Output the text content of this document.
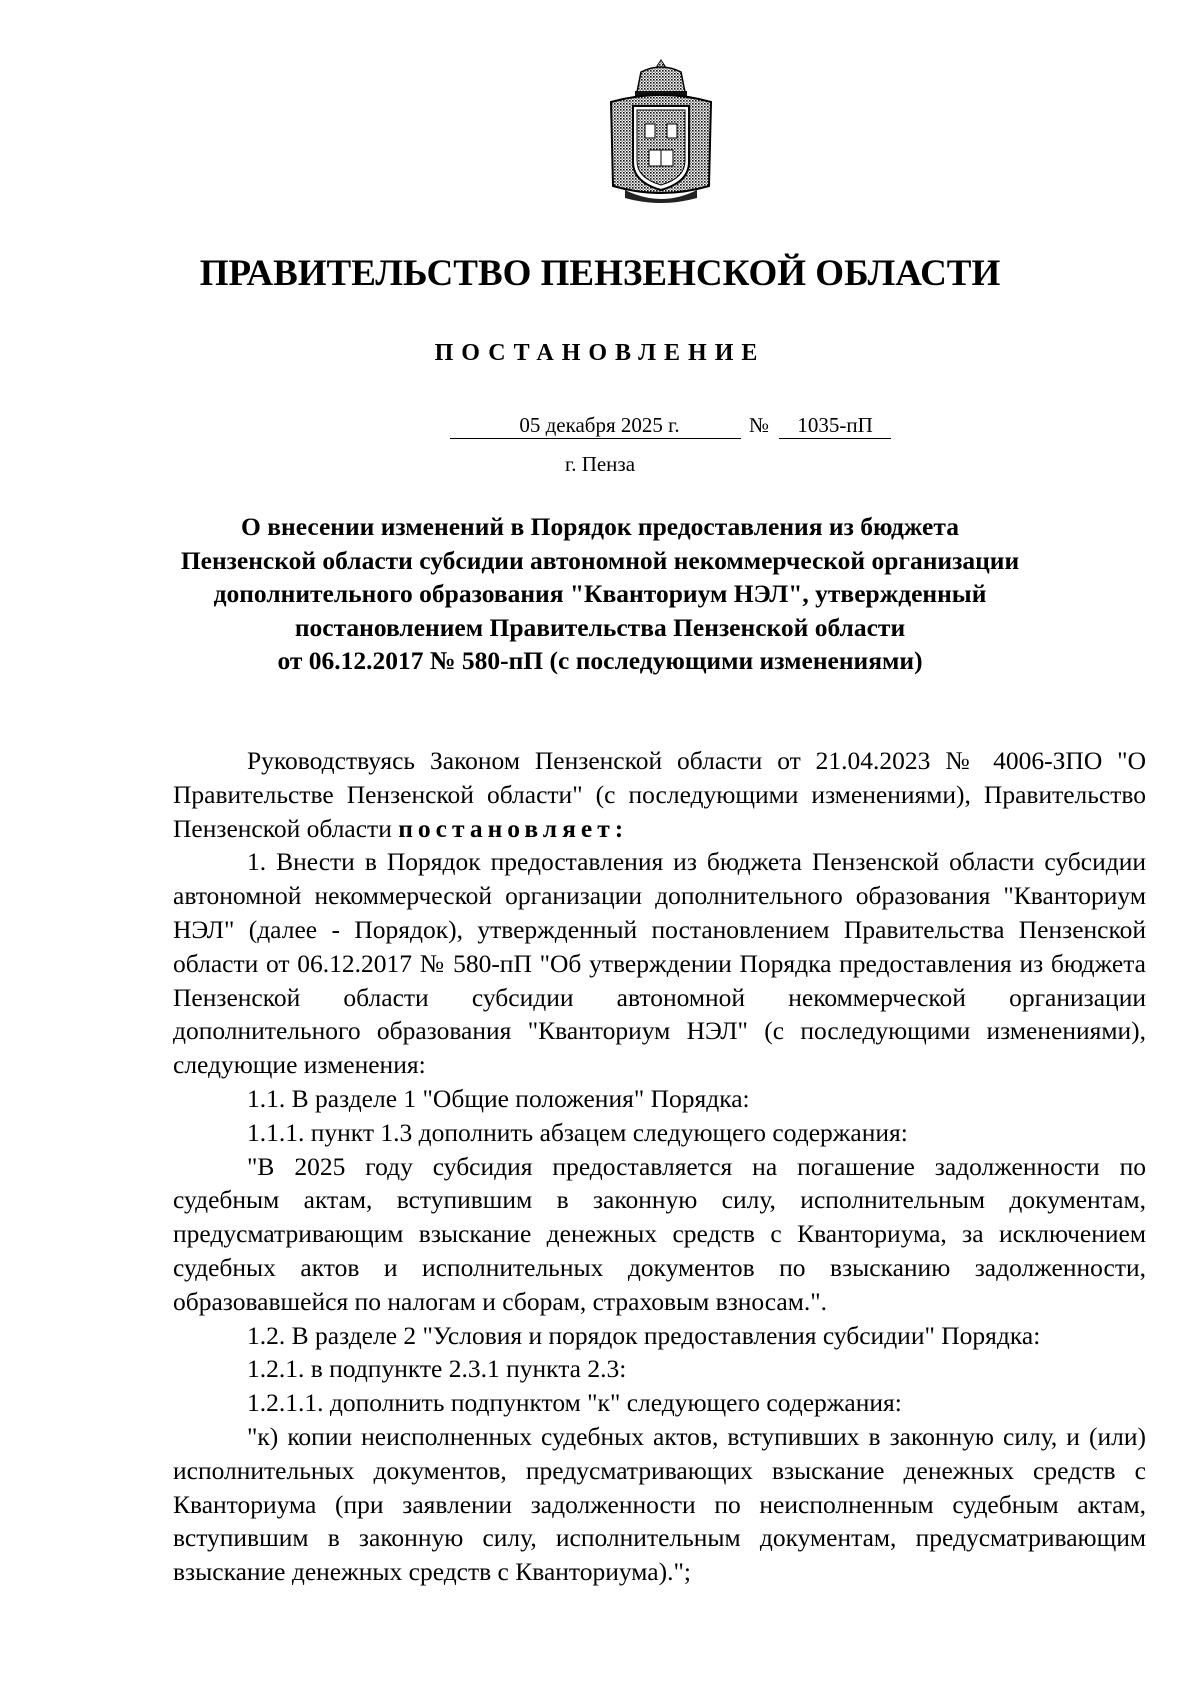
ПРАВИТЕЛЬСТВО ПЕНЗЕНСКОЙ ОБЛАСТИ
ПОСТАНОВЛЕНИЕ
05 декабря 2025 г.	№ 1035-пП
г. Пенза
О внесении изменений в Порядок предоставления из бюджета
Пензенской области субсидии автономной некоммерческой организации
дополнительного образования "Кванториум НЭЛ", утвержденный
постановлением Правительства Пензенской области
от 06.12.2017 № 580-пП (с последующими изменениями)

Руководствуясь Законом Пензенской области от 21.04.2023 № 4006-ЗПО "О Правительстве Пензенской области" (с последующими изменениями), Правительство Пензенской области постановляет:

1. Внести в Порядок предоставления из бюджета Пензенской области субсидии автономной некоммерческой организации дополнительного образования "Кванториум НЭЛ" (далее - Порядок), утвержденный постановлением Правительства Пензенской области от 06.12.2017 № 580-пП "Об утверждении Порядка предоставления из бюджета Пензенской области субсидии автономной некоммерческой организации дополнительного образования "Кванториум НЭЛ" (с последующими изменениями), следующие изменения:

1.1. В разделе 1 "Общие положения" Порядка:

1.1.1. пункт 1.3 дополнить абзацем следующего содержания:

"В 2025 году субсидия предоставляется на погашение задолженности по судебным актам, вступившим в законную силу, исполнительным документам, предусматривающим взыскание денежных средств с Кванториума, за исключением судебных актов и исполнительных документов по взысканию задолженности, образовавшейся по налогам и сборам, страховым взносам.".

1.2. В разделе 2 "Условия и порядок предоставления субсидии" Порядка:

1.2.1. в подпункте 2.3.1 пункта 2.3:

1.2.1.1. дополнить подпунктом "к" следующего содержания:

"к) копии неисполненных судебных актов, вступивших в законную силу, и (или) исполнительных документов, предусматривающих взыскание денежных средств с Кванториума (при заявлении задолженности по неисполненным судебным актам, вступившим в законную силу, исполнительным документам, предусматривающим взыскание денежных средств с Кванториума).";
